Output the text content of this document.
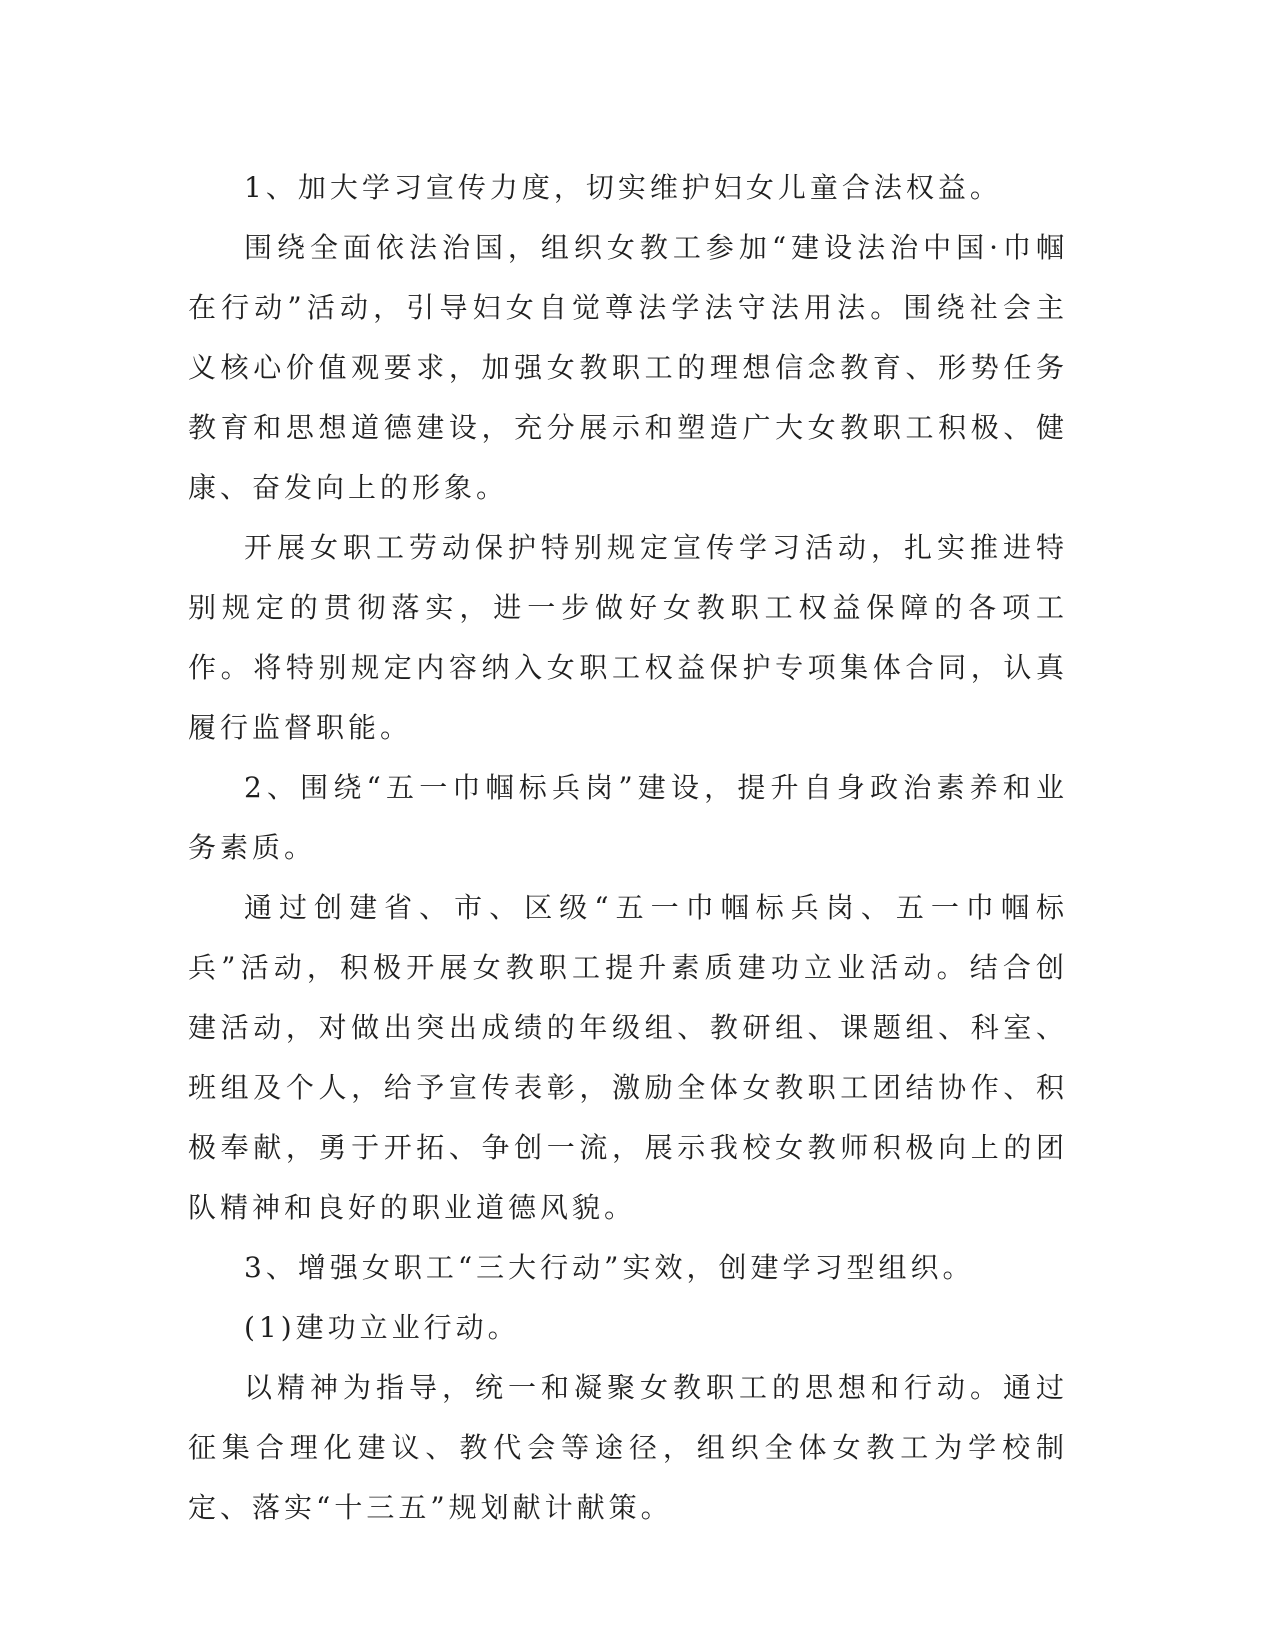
1、加大学习宣传力度，切实维护妇女儿童合法权益。

围绕全面依法治国，组织女教工参加“建设法治中国·巾帼在行动”活动，引导妇女自觉尊法学法守法用法。围绕社会主义核心价值观要求，加强女教职工的理想信念教育、形势任务教育和思想道德建设，充分展示和塑造广大女教职工积极、健康、奋发向上的形象。

开展女职工劳动保护特别规定宣传学习活动，扎实推进特别规定的贯彻落实，进一步做好女教职工权益保障的各项工作。将特别规定内容纳入女职工权益保护专项集体合同，认真履行监督职能。

2、围绕“五一巾帼标兵岗”建设，提升自身政治素养和业务素质。

通过创建省、市、区级“五一巾帼标兵岗、五一巾帼标兵”活动，积极开展女教职工提升素质建功立业活动。结合创建活动，对做出突出成绩的年级组、教研组、课题组、科室、班组及个人，给予宣传表彰，激励全体女教职工团结协作、积极奉献，勇于开拓、争创一流，展示我校女教师积极向上的团队精神和良好的职业道德风貌。

3、增强女职工“三大行动”实效，创建学习型组织。

(1)建功立业行动。

以精神为指导，统一和凝聚女教职工的思想和行动。通过征集合理化建议、教代会等途径，组织全体女教工为学校制定、落实“十三五”规划献计献策。
